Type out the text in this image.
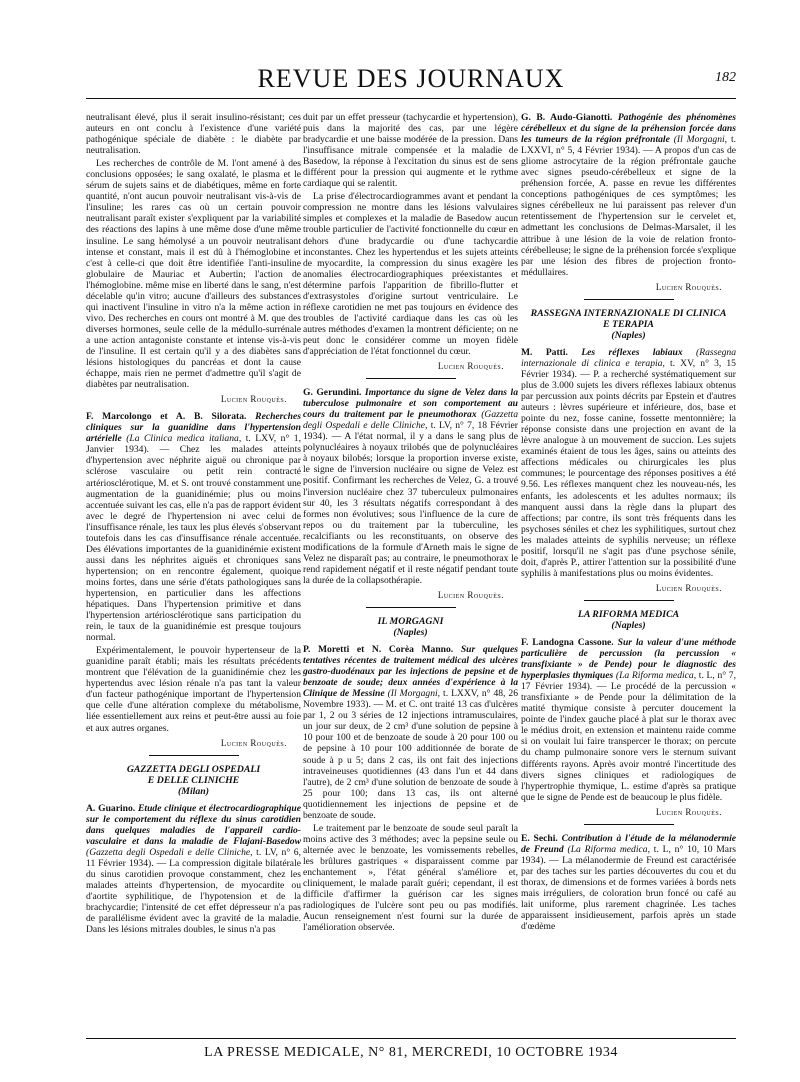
REVUE DES JOURNAUX	182

neutralisant élevé, plus il serait insulino-résistant; ces auteurs en ont conclu à l'existence d'une variété pathogénique spéciale de diabète : le diabète par neutralisation.

Les recherches de contrôle de M. l'ont amené à des conclusions opposées; le sang oxalaté, le plasma et le sérum de sujets sains et de diabétiques, même en forte quantité, n'ont aucun pouvoir neutralisant vis-à-vis de l'insuline; les rares cas où un certain pouvoir neutralisant paraît exister s'expliquent par la variabilité des réactions des lapins à une même dose d'une même insuline. Le sang hémolysé a un pouvoir neutralisant intense et constant, mais il est dû à l'hémoglobine et c'est à celle-ci que doit être identifiée l'anti-insuline globulaire de Mauriac et Aubertin; l'action de l'hémoglobine. même mise en liberté dans le sang, n'est décelable qu'in vitro; aucune d'ailleurs des substances qui inactivent l'insuline in vitro n'a la même action in vivo. Des recherches en cours ont montré à M. que des diverses hormones, seule celle de la médullo-surrénale a une action antagoniste constante et intense vis-à-vis de l'insuline. Il est certain qu'il y a des diabètes sans lésions histologiques du pancréas et dont la cause échappe, mais rien ne permet d'admettre qu'il s'agit de diabètes par neutralisation.

Lucien Rouquès.

F. Marcolongo et A. B. Silorata. Recherches cliniques sur la guanidine dans l'hypertension artérielle (La Clinica medica italiana, t. LXV, n° 1, Janvier 1934). — Chez les malades atteints d'hypertension avec néphrite aiguë ou chronique par sclérose vasculaire ou petit rein contracté artériosclérotique, M. et S. ont trouvé constamment une augmentation de la guanidinémie; plus ou moins accentuée suivant les cas, elle n'a pas de rapport évident avec le degré de l'hypertension ni avec celui de l'insuffisance rénale, les taux les plus élevés s'observant toutefois dans les cas d'insuffisance rénale accentuée. Des élévations importantes de la guanidinémie existent aussi dans les néphrites aiguës et chroniques sans hypertension; on en rencontre également, quoique moins fortes, dans une série d'états pathologiques sans hypertension, en particulier dans les affections hépatiques. Dans l'hypertension primitive et dans l'hypertension artériosclérotique sans participation du rein, le taux de la guanidinémie est presque toujours normal.

Expérimentalement, le pouvoir hypertenseur de la guanidine paraît établi; mais les résultats précédents montrent que l'élévation de la guanidinémie chez les hypertendus avec lésion rénale n'a pas tant la valeur d'un facteur pathogénique important de l'hypertension que celle d'une altération complexe du métabolisme, liée essentiellement aux reins et peut-être aussi au foie et aux autres organes.

Lucien Rouquès.
GAZZETTA DEGLI OSPEDALI
E DELLE CLINICHE
(Milan)

A. Guarino. Etude clinique et électrocardiographique sur le comportement du réflexe du sinus carotidien dans quelques maladies de l'appareil cardio-vasculaire et dans la maladie de Flajani-Basedow (Gazzetta degli Ospedali e delle Cliniche, t. LV, n° 6, 11 Février 1934). — La compression digitale bilatérale du sinus carotidien provoque constamment, chez les malades atteints d'hypertension, de myocardite ou d'aortite syphilitique, de l'hypotension et de la brachycardie; l'intensité de cet effet dépresseur n'a pas de parallélisme évident avec la gravité de la maladie. Dans les lésions mitrales doubles, le sinus n'a pas

duit par un effet presseur (tachycardie et hypertension), puis dans la majorité des cas, par une légère bradycardie et une baisse modérée de la pression. Dans l'insuffisance mitrale compensée et la maladie de Basedow, la réponse à l'excitation du sinus est de sens différent pour la pression qui augmente et le rythme cardiaque qui se ralentit.

La prise d'électrocardiogrammes avant et pendant la compression ne montre dans les lésions valvulaires simples et complexes et la maladie de Basedow aucun trouble particulier de l'activité fonctionnelle du cœur en dehors d'une bradycardie ou d'une tachycardie inconstantes. Chez les hypertendus et les sujets atteints de myocardite, la compression du sinus exagère les anomalies électrocardiographiques préexistantes et détermine parfois l'apparition de fibrillo-flutter et d'extrasystoles d'origine surtout ventriculaire. Le réflexe carotidien ne met pas toujours en évidence des troubles de l'activité cardiaque dans les cas où les autres méthodes d'examen la montrent déficiente; on ne peut donc le considérer comme un moyen fidèle d'appréciation de l'état fonctionnel du cœur.

Lucien Rouquès.

G. Gerundini. Importance du signe de Velez dans la tuberculose pulmonaire et son comportement au cours du traitement par le pneumothorax (Gazzetta degli Ospedali e delle Cliniche, t. LV, n° 7, 18 Février 1934). — A l'état normal, il y a dans le sang plus de polynucléaires à noyaux trilobés que de polynucléaires à noyaux bilobés; lorsque la proportion inverse existe, le signe de l'inversion nucléaire ou signe de Velez est positif. Confirmant les recherches de Velez, G. a trouvé l'inversion nucléaire chez 37 tuberculeux pulmonaires sur 40, les 3 résultats négatifs correspondant à des formes non évolutives; sous l'influence de la cure de repos ou du traitement par la tuberculine, les recalcifiants ou les reconstituants, on observe des modifications de la formule d'Arneth mais le signe de Velez ne disparaît pas; au contraire, le pneumothorax le rend rapidement négatif et il reste négatif pendant toute la durée de la collapsothérapie.

Lucien Rouquès.
IL MORGAGNI
(Naples)

P. Moretti et N. Corèa Manno. Sur quelques tentatives récentes de traitement médical des ulcères gastro-duodénaux par les injections de pepsine et de benzoate de soude; deux années d'expérience à la Clinique de Messine (Il Morgagni, t. LXXV, n° 48, 26 Novembre 1933). — M. et C. ont traité 13 cas d'ulcères par 1, 2 ou 3 séries de 12 injections intramusculaires, un jour sur deux, de 2 cm³ d'une solution de pepsine à 10 pour 100 et de benzoate de soude à 20 pour 100 ou de pepsine à 10 pour 100 additionnée de borate de soude à p u 5; dans 2 cas, ils ont fait des injections intraveineuses quotidiennes (43 dans l'un et 44 dans l'autre), de 2 cm³ d'une solution de benzoate de soude à 25 pour 100; dans 13 cas, ils ont alterné quotidiennement les injections de pepsine et de benzoate de soude.

Le traitement par le benzoate de soude seul paraît la moins active des 3 méthodes; avec la pepsine seule ou alternée avec le benzoate, les vomissements rebelles, les brûlures gastriques « disparaissent comme par enchantement », l'état général s'améliore et, cliniquement, le malade paraît guéri; cependant, il est difficile d'affirmer la guérison car les signes radiologiques de l'ulcère sont peu ou pas modifiés. Aucun renseignement n'est fourni sur la durée de l'amélioration observée.

G. B. Audo-Gianotti. Pathogénie des phénomènes cérébelleux et du signe de la préhension forcée dans les tumeurs de la région préfrontale (Il Morgagni, t. LXXVI, n° 5, 4 Février 1934). — A propos d'un cas de gliome astrocytaire de la région préfrontale gauche avec signes pseudo-cérébelleux et signe de la préhension forcée, A. passe en revue les différentes conceptions pathogéniques de ces symptômes; les signes cérébelleux ne lui paraissent pas relever d'un retentissement de l'hypertension sur le cervelet et, admettant les conclusions de Delmas-Marsalet, il les attribue à une lésion de la voie de relation fronto-cérébelleuse; le signe de la préhension forcée s'explique par une lésion des fibres de projection fronto-médullaires.

Lucien Rouquès.
RASSEGNA INTERNAZIONALE DI CLINICA
E TERAPIA
(Naples)

M. Patti. Les réflexes labiaux (Rassegna internazionale di clinica e terapia, t. XV, n° 3, 15 Février 1934). — P. a recherché systématiquement sur plus de 3.000 sujets les divers réflexes labiaux obtenus par percussion aux points décrits par Epstein et d'autres auteurs : lèvres supérieure et inférieure, dos, base et pointe du nez, fosse canine, fossette mentonnière; la réponse consiste dans une projection en avant de la lèvre analogue à un mouvement de succion. Les sujets examinés étaient de tous les âges, sains ou atteints des affections médicales ou chirurgicales les plus communes; le pourcentage des réponses positives a été 9.56. Les réflexes manquent chez les nouveau-nés, les enfants, les adolescents et les adultes normaux; ils manquent aussi dans la règle dans la plupart des affections; par contre, ils sont très fréquents dans les psychoses séniles et chez les syphilitiques, surtout chez les malades atteints de syphilis nerveuse; un réflexe positif, lorsqu'il ne s'agit pas d'une psychose sénile, doit, d'après P., attirer l'attention sur la possibilité d'une syphilis à manifestations plus ou moins évidentes.

Lucien Rouquès.
LA RIFORMA MEDICA
(Naples)

F. Landogna Cassone. Sur la valeur d'une méthode particulière de percussion (la percussion « transfixiante » de Pende) pour le diagnostic des hyperplasies thymiques (La Riforma medica, t. L, n° 7, 17 Février 1934). — Le procédé de la percussion « transfixiante » de Pende pour la délimitation de la matité thymique consiste à percuter doucement la pointe de l'index gauche placé à plat sur le thorax avec le médius droit, en extension et maintenu raide comme si on voulait lui faire transpercer le thorax; on percute du champ pulmonaire sonore vers le sternum suivant différents rayons. Après avoir montré l'incertitude des divers signes cliniques et radiologiques de l'hypertrophie thymique, L. estime d'après sa pratique que le signe de Pende est de beaucoup le plus fidèle.

Lucien Rouquès.

E. Sechi. Contribution à l'étude de la mélanodermie de Freund (La Riforma medica, t. L, n° 10, 10 Mars 1934). — La mélanodermie de Freund est caractérisée par des taches sur les parties découvertes du cou et du thorax, de dimensions et de formes variées à bords nets mais irréguliers, de coloration brun foncé ou café au lait uniforme, plus rarement chagrinée. Les taches apparaissent insidieusement, parfois après un stade d'œdème

LA PRESSE MEDICALE, N° 81, MERCREDI, 10 OCTOBRE 1934
